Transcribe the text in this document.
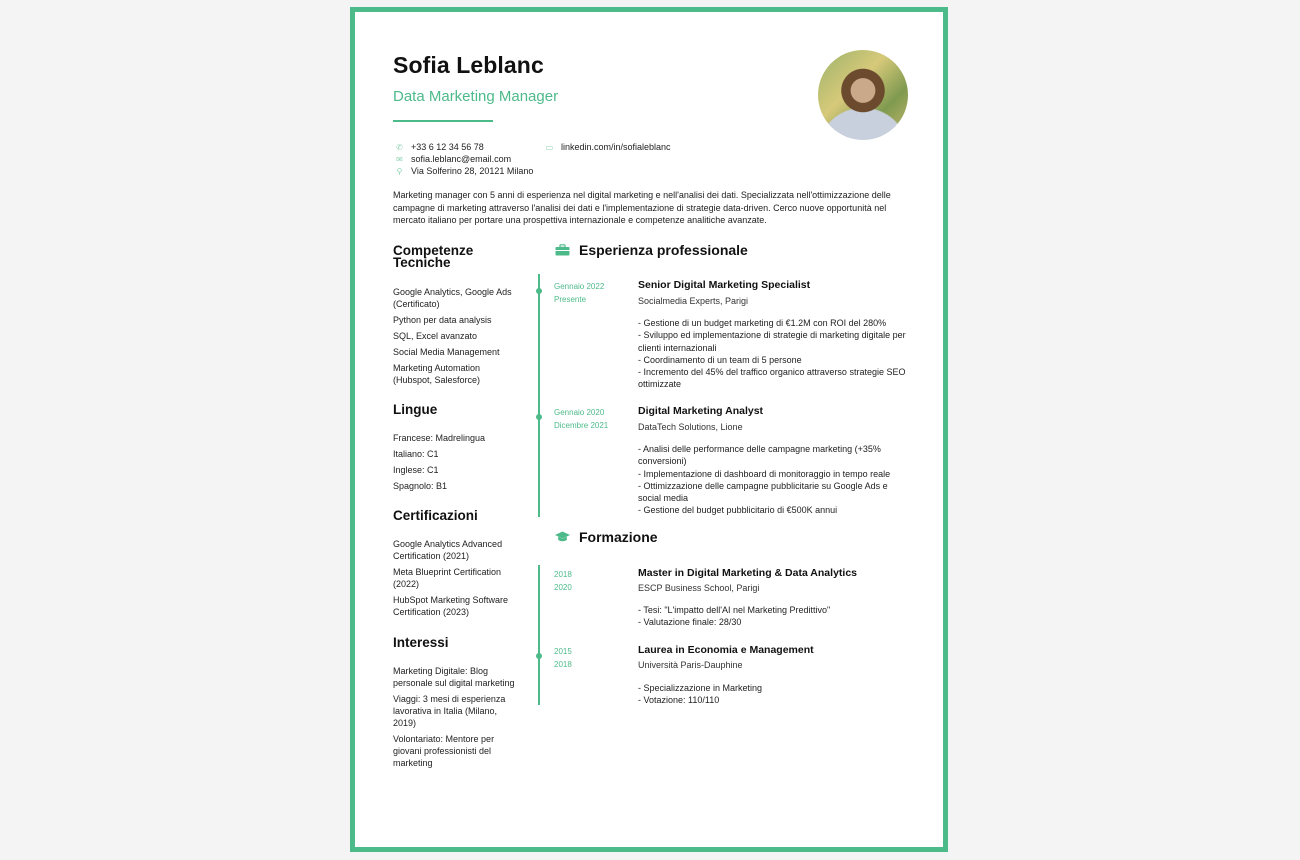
Sofia Leblanc
Data Marketing Manager
✆ +33 6 12 34 56 78
✉ sofia.leblanc@email.com
⚲ Via Solferino 28, 20121 Milano
▭ linkedin.com/in/sofialeblanc
Marketing manager con 5 anni di esperienza nel digital marketing e nell'analisi dei dati. Specializzata nell'ottimizzazione delle campagne di marketing attraverso l'analisi dei dati e l'implementazione di strategie data-driven. Cerco nuove opportunità nel mercato italiano per portare una prospettiva internazionale e competenze analitiche avanzate.
Competenze Tecniche
Google Analytics, Google Ads (Certificato)
Python per data analysis
SQL, Excel avanzato
Social Media Management
Marketing Automation (Hubspot, Salesforce)
Lingue
Francese: Madrelingua
Italiano: C1
Inglese: C1
Spagnolo: B1
Certificazioni
Google Analytics Advanced Certification (2021)
Meta Blueprint Certification (2022)
HubSpot Marketing Software Certification (2023)
Interessi
Marketing Digitale: Blog personale sul digital marketing
Viaggi: 3 mesi di esperienza lavorativa in Italia (Milano, 2019)
Volontariato: Mentore per giovani professionisti del marketing
Esperienza professionale
Gennaio 2022
Presente
Senior Digital Marketing Specialist
Socialmedia Experts, Parigi
- Gestione di un budget marketing di €1.2M con ROI del 280%
- Sviluppo ed implementazione di strategie di marketing digitale per clienti internazionali
- Coordinamento di un team di 5 persone
- Incremento del 45% del traffico organico attraverso strategie SEO ottimizzate
Gennaio 2020
Dicembre 2021
Digital Marketing Analyst
DataTech Solutions, Lione
- Analisi delle performance delle campagne marketing (+35% conversioni)
- Implementazione di dashboard di monitoraggio in tempo reale
- Ottimizzazione delle campagne pubblicitarie su Google Ads e social media
- Gestione del budget pubblicitario di €500K annui
Formazione
2018
2020
Master in Digital Marketing & Data Analytics
ESCP Business School, Parigi
- Tesi: "L'impatto dell'AI nel Marketing Predittivo"
- Valutazione finale: 28/30
2015
2018
Laurea in Economia e Management
Università Paris-Dauphine
- Specializzazione in Marketing
- Votazione: 110/110
